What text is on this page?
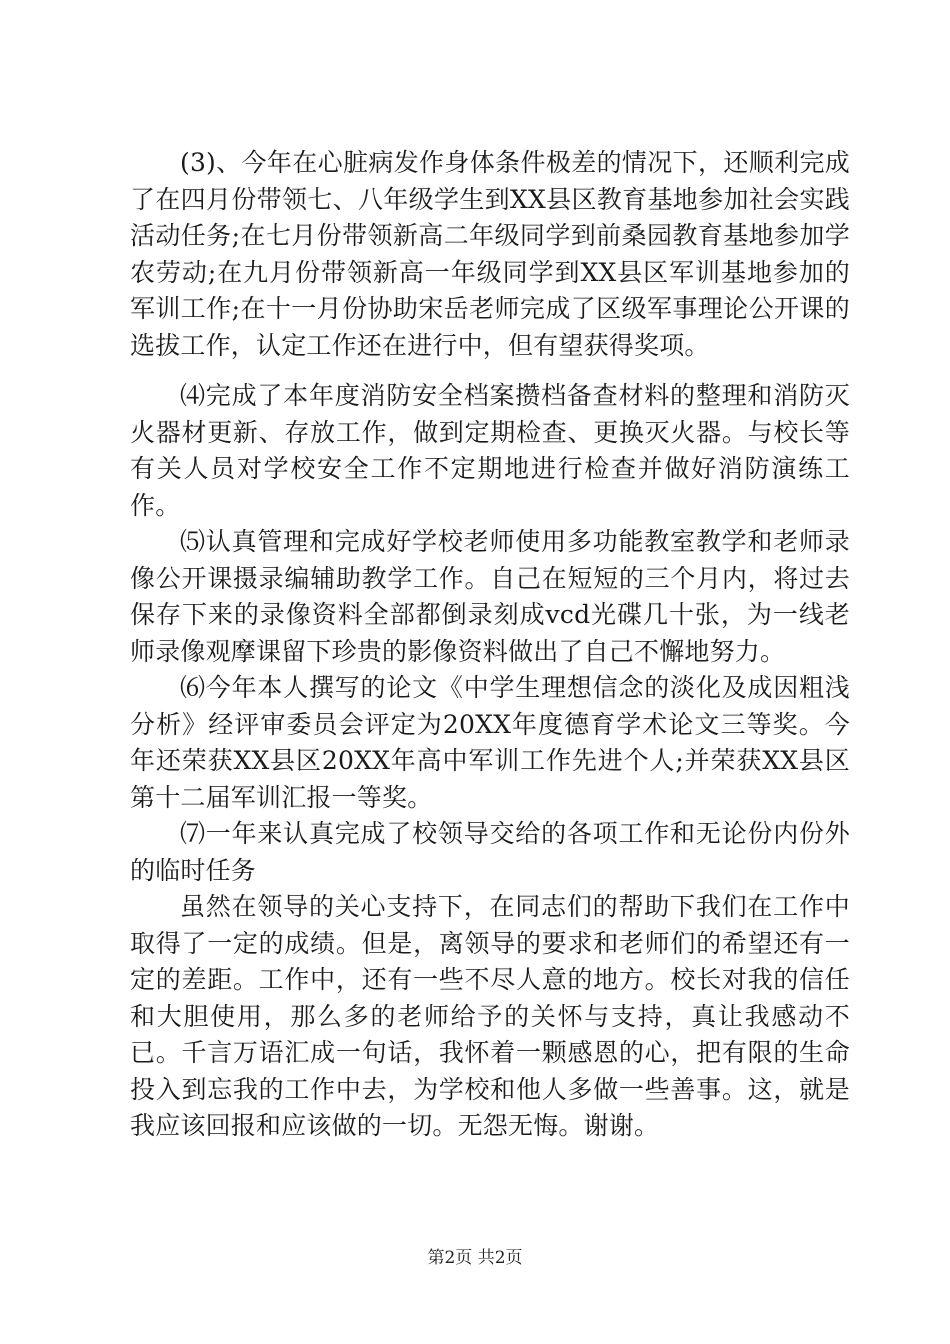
(3)、今年在心脏病发作身体条件极差的情况下，还顺利完成了在四月份带领七、八年级学生到XX县区教育基地参加社会实践活动任务;在七月份带领新高二年级同学到前桑园教育基地参加学农劳动;在九月份带领新高一年级同学到XX县区军训基地参加的军训工作;在十一月份协助宋岳老师完成了区级军事理论公开课的选拔工作，认定工作还在进行中，但有望获得奖项。

⑷完成了本年度消防安全档案攒档备查材料的整理和消防灭火器材更新、存放工作，做到定期检查、更换灭火器。与校长等有关人员对学校安全工作不定期地进行检查并做好消防演练工作。

⑸认真管理和完成好学校老师使用多功能教室教学和老师录像公开课摄录编辅助教学工作。自己在短短的三个月内，将过去保存下来的录像资料全部都倒录刻成vcd光碟几十张，为一线老师录像观摩课留下珍贵的影像资料做出了自己不懈地努力。

⑹今年本人撰写的论文《中学生理想信念的淡化及成因粗浅分析》经评审委员会评定为20XX年度德育学术论文三等奖。今年还荣获XX县区20XX年高中军训工作先进个人;并荣获XX县区第十二届军训汇报一等奖。

⑺一年来认真完成了校领导交给的各项工作和无论份内份外的临时任务

虽然在领导的关心支持下，在同志们的帮助下我们在工作中取得了一定的成绩。但是，离领导的要求和老师们的希望还有一定的差距。工作中，还有一些不尽人意的地方。校长对我的信任和大胆使用，那么多的老师给予的关怀与支持，真让我感动不已。千言万语汇成一句话，我怀着一颗感恩的心，把有限的生命投入到忘我的工作中去，为学校和他人多做一些善事。这，就是我应该回报和应该做的一切。无怨无悔。谢谢。

第2页 共2页
